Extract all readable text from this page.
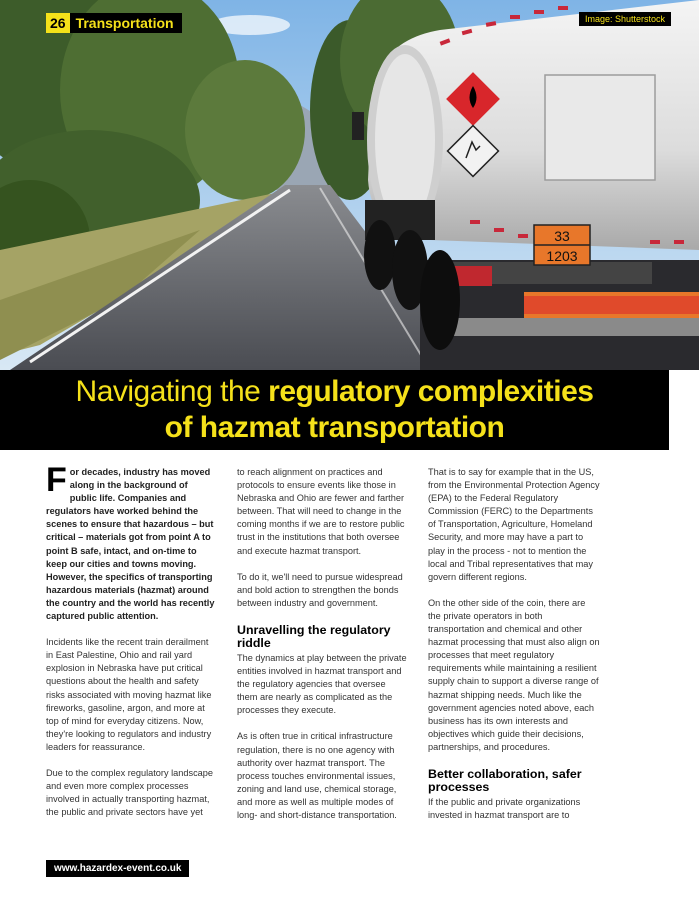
33
1203
26 Transportation	Image: Shutterstock
Navigating the regulatory complexities
of hazmat transportation

For decades, industry has moved along in the background of public life. Companies and regulators have worked behind the scenes to ensure that hazardous – but critical – materials got from point A to point B safe, intact, and on-time to keep our cities and towns moving. However, the specifics of transporting hazardous materials (hazmat) around the country and the world has recently captured public attention.

Incidents like the recent train derailment in East Palestine, Ohio and rail yard explosion in Nebraska have put critical questions about the health and safety risks associated with moving hazmat like fireworks, gasoline, argon, and more at top of mind for everyday citizens. Now, they're looking to regulators and industry leaders for reassurance.

Due to the complex regulatory landscape and even more complex processes involved in actually transporting hazmat, the public and private sectors have yet

to reach alignment on practices and protocols to ensure events like those in Nebraska and Ohio are fewer and farther between. That will need to change in the coming months if we are to restore public trust in the institutions that both oversee and execute hazmat transport.

To do it, we'll need to pursue widespread and bold action to strengthen the bonds between industry and government.

Unravelling the regulatory riddle

The dynamics at play between the private entities involved in hazmat transport and the regulatory agencies that oversee them are nearly as complicated as the processes they execute.

As is often true in critical infrastructure regulation, there is no one agency with authority over hazmat transport. The process touches environmental issues, zoning and land use, chemical storage, and more as well as multiple modes of long- and short-distance transportation.

That is to say for example that in the US, from the Environmental Protection Agency (EPA) to the Federal Regulatory Commission (FERC) to the Departments of Transportation, Agriculture, Homeland Security, and more may have a part to play in the process - not to mention the local and Tribal representatives that may govern different regions.

On the other side of the coin, there are the private operators in both transportation and chemical and other hazmat processing that must also align on processes that meet regulatory requirements while maintaining a resilient supply chain to support a diverse range of hazmat shipping needs. Much like the government agencies noted above, each business has its own interests and objectives which guide their decisions, partnerships, and procedures.

Better collaboration, safer processes

If the public and private organizations invested in hazmat transport are to

www.hazardex-event.co.uk
